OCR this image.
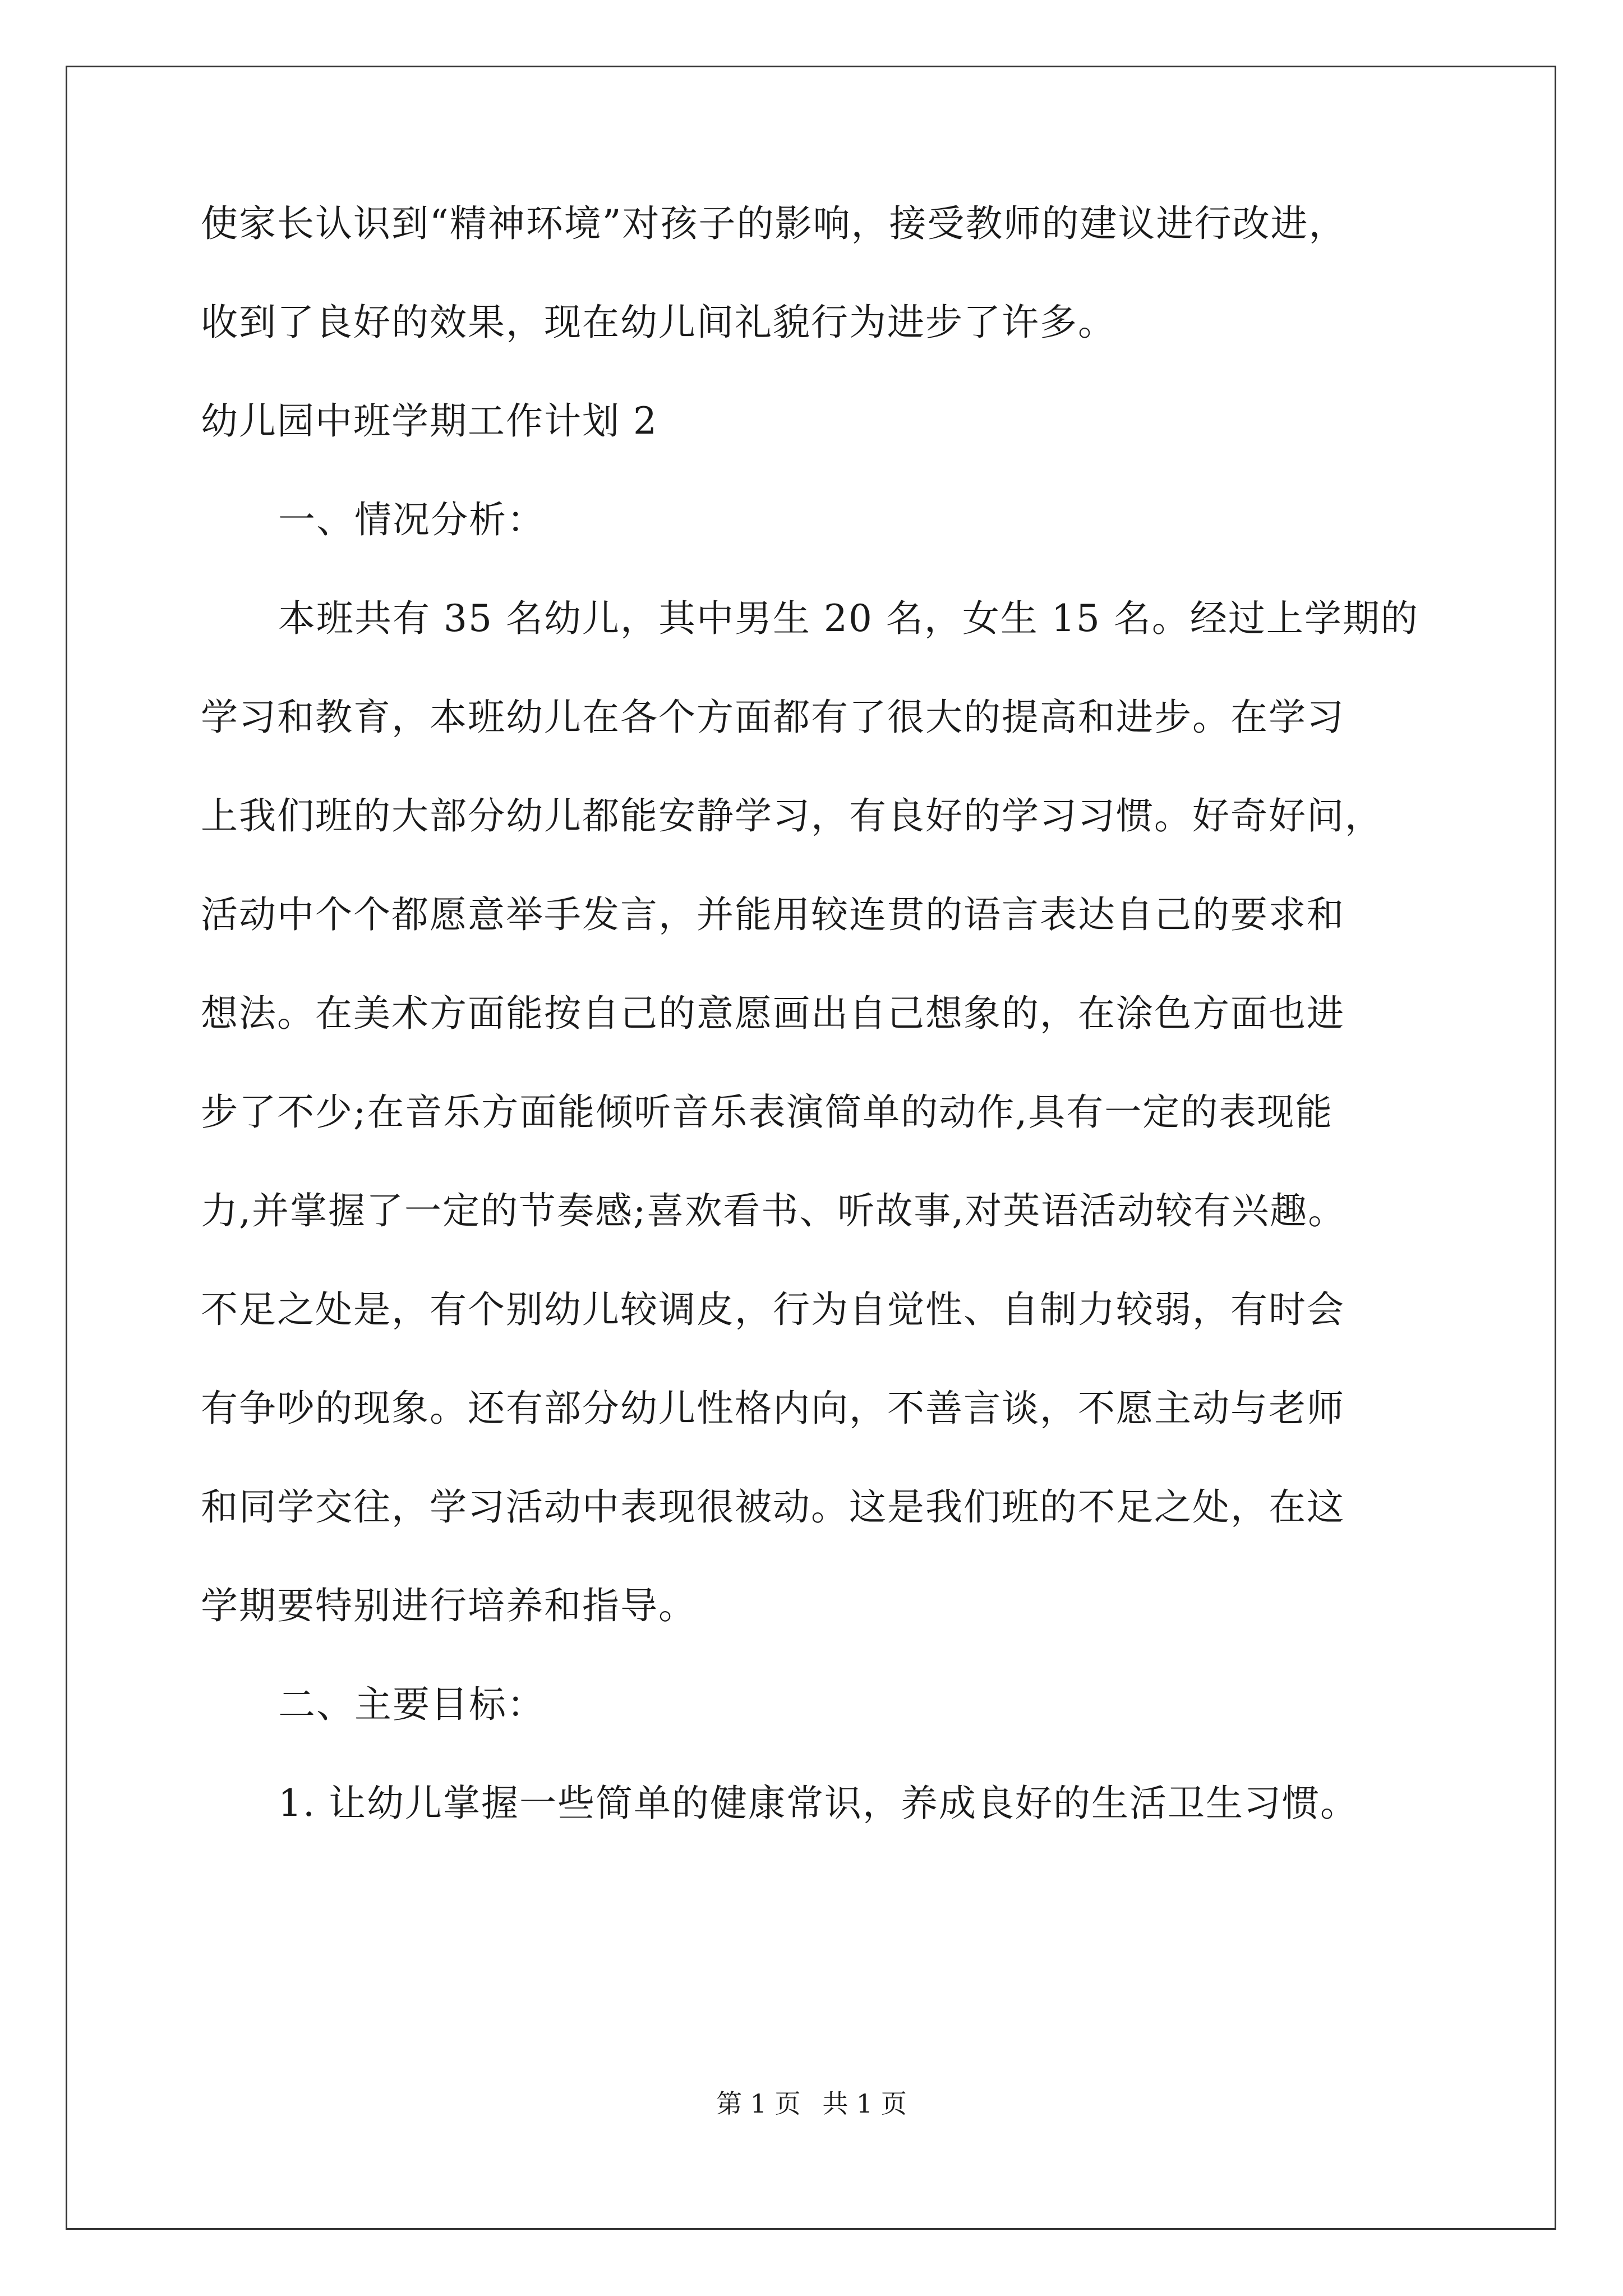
使家长认识到“精神环境”对孩子的影响，接受教师的建议进行改进，
收到了良好的效果，现在幼儿间礼貌行为进步了许多。
幼儿园中班学期工作计划 2
一、情况分析：
本班共有 35 名幼儿，其中男生 20 名，女生 15 名。经过上学期的
学习和教育，本班幼儿在各个方面都有了很大的提高和进步。在学习
上我们班的大部分幼儿都能安静学习，有良好的学习习惯。好奇好问，
活动中个个都愿意举手发言，并能用较连贯的语言表达自己的要求和
想法。在美术方面能按自己的意愿画出自己想象的，在涂色方面也进
步了不少;在音乐方面能倾听音乐表演简单的动作,具有一定的表现能
力,并掌握了一定的节奏感;喜欢看书、听故事,对英语活动较有兴趣。
不足之处是，有个别幼儿较调皮，行为自觉性、自制力较弱，有时会
有争吵的现象。还有部分幼儿性格内向，不善言谈，不愿主动与老师
和同学交往，学习活动中表现很被动。这是我们班的不足之处，在这
学期要特别进行培养和指导。
二、主要目标：
1. 让幼儿掌握一些简单的健康常识，养成良好的生活卫生习惯。
第 1 页 共 1 页
